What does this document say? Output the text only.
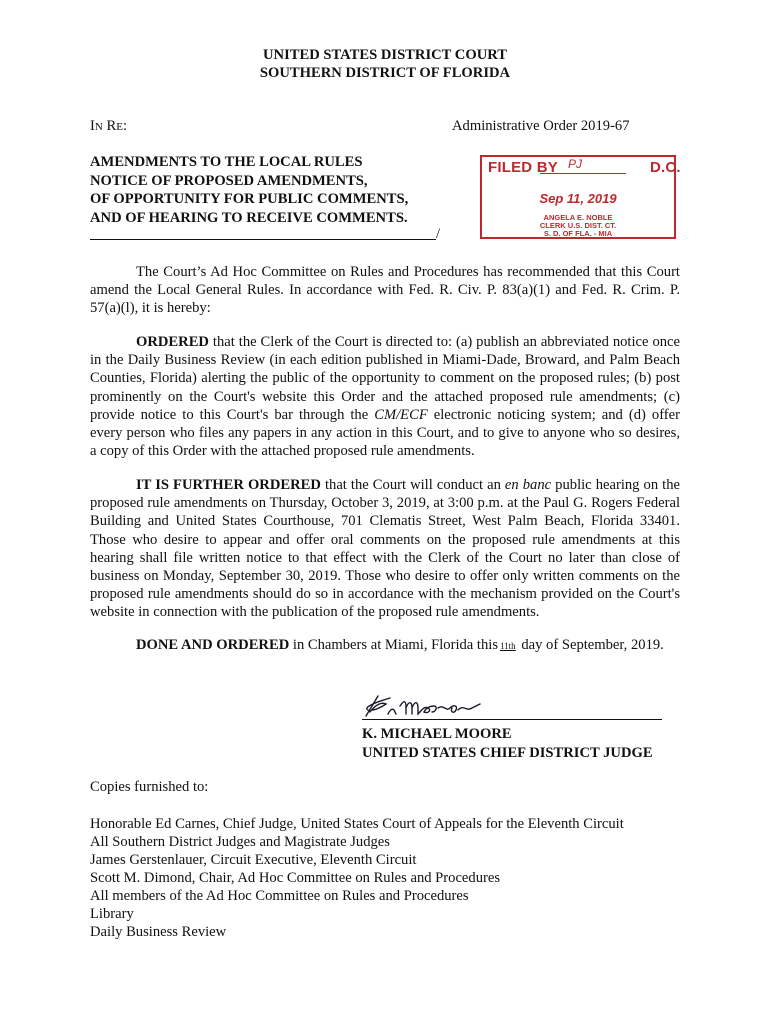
UNITED STATES DISTRICT COURT
SOUTHERN DISTRICT OF FLORIDA
IN RE:	Administrative Order 2019-67
AMENDMENTS TO THE LOCAL RULES
NOTICE OF PROPOSED AMENDMENTS,
OF OPPORTUNITY FOR PUBLIC COMMENTS,
AND OF HEARING TO RECEIVE COMMENTS.
/
FILED BY	D.C.
PJ
Sep 11, 2019
ANGELA E. NOBLE
CLERK U.S. DIST. CT.
S. D. OF FLA. - MIA

The Court’s Ad Hoc Committee on Rules and Procedures has recommended that this Court amend the Local General Rules. In accordance with Fed. R. Civ. P. 83(a)(1) and Fed. R. Crim. P. 57(a)(l), it is hereby:

ORDERED that the Clerk of the Court is directed to: (a) publish an abbreviated notice once in the Daily Business Review (in each edition published in Miami-Dade, Broward, and Palm Beach Counties, Florida) alerting the public of the opportunity to comment on the proposed rules; (b) post prominently on the Court's website this Order and the attached proposed rule amendments; (c) provide notice to this Court's bar through the CM/ECF electronic noticing system; and (d) offer every person who files any papers in any action in this Court, and to give to anyone who so desires, a copy of this Order with the attached proposed rule amendments.

IT IS FURTHER ORDERED that the Court will conduct an en banc public hearing on the proposed rule amendments on Thursday, October 3, 2019, at 3:00 p.m. at the Paul G. Rogers Federal Building and United States Courthouse, 701 Clematis Street, West Palm Beach, Florida 33401. Those who desire to appear and offer oral comments on the proposed rule amendments at this hearing shall file written notice to that effect with the Clerk of the Court no later than close of business on Monday, September 30, 2019. Those who desire to offer only written comments on the proposed rule amendments should do so in accordance with the mechanism provided on the Court's website in connection with the publication of the proposed rule amendments.

DONE AND ORDERED in Chambers at Miami, Florida this 11th day of September, 2019.

K. MICHAEL MOORE
UNITED STATES CHIEF DISTRICT JUDGE
Copies furnished to:
Honorable Ed Carnes, Chief Judge, United States Court of Appeals for the Eleventh Circuit
All Southern District Judges and Magistrate Judges
James Gerstenlauer, Circuit Executive, Eleventh Circuit
Scott M. Dimond, Chair, Ad Hoc Committee on Rules and Procedures
All members of the Ad Hoc Committee on Rules and Procedures
Library
Daily Business Review
